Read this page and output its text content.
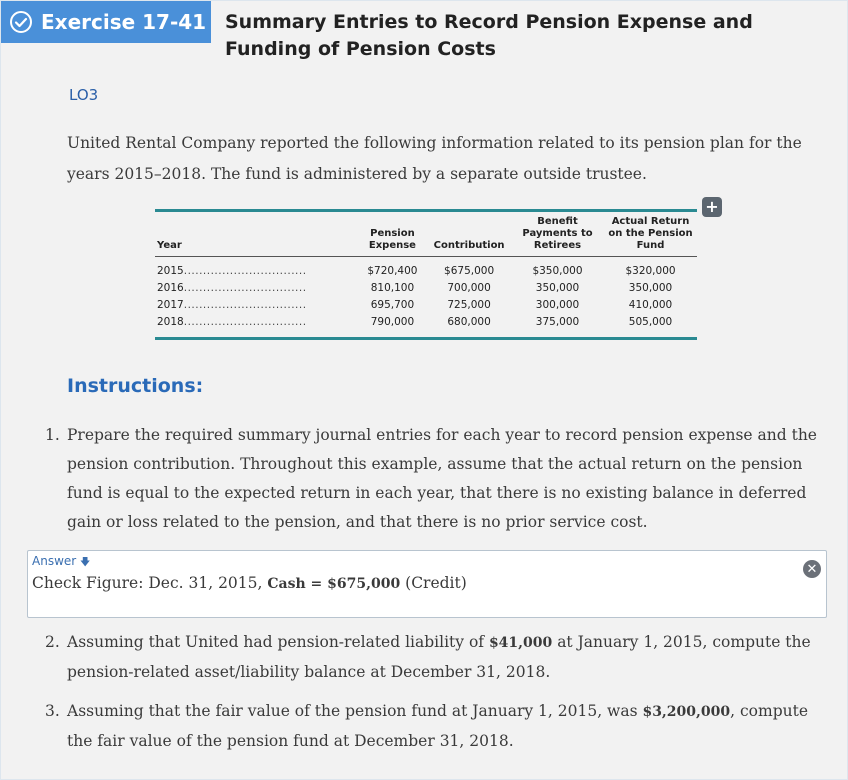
Exercise 17-41 Summary Entries to Record Pension Expense and Funding of Pension Costs
LO3
United Rental Company reported the following information related to its pension plan for the years 2015–2018. The fund is administered by a separate outside trustee.
+
Year	Pension Expense	Contribution	Benefit Payments to Retirees	Actual Return on the Pension Fund
2015................................	$720,400	$675,000	$350,000	$320,000
2016................................	810,100	700,000	350,000	350,000
2017................................	695,700	725,000	300,000	410,000
2018................................	790,000	680,000	375,000	505,000
Instructions:
1. Prepare the required summary journal entries for each year to record pension expense and the pension contribution. Throughout this example, assume that the actual return on the pension fund is equal to the expected return in each year, that there is no existing balance in deferred gain or loss related to the pension, and that there is no prior service cost.
Answer 🡇
Check Figure: Dec. 31, 2015, Cash = $675,000 (Credit)
✕
2. Assuming that United had pension-related liability of $41,000 at January 1, 2015, compute the pension-related asset/liability balance at December 31, 2018.
3. Assuming that the fair value of the pension fund at January 1, 2015, was $3,200,000, compute the fair value of the pension fund at December 31, 2018.
